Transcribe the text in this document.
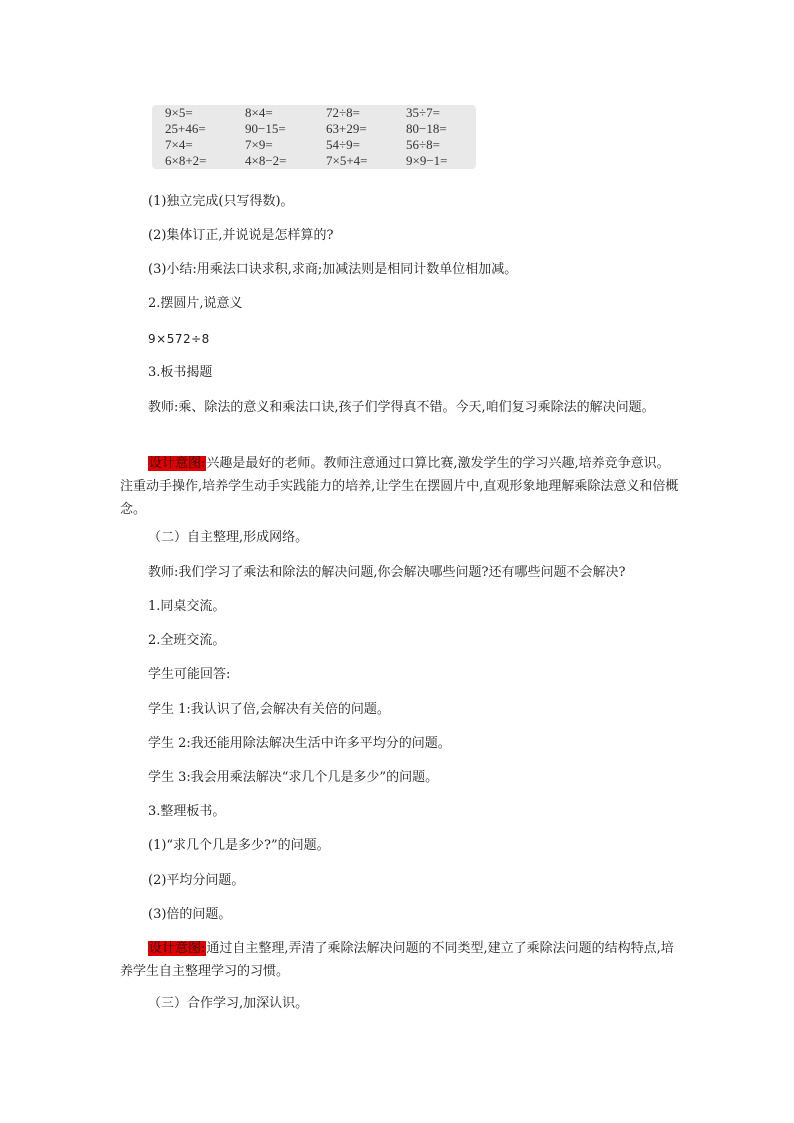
9×5=	8×4=	72÷8=	35÷7=
25+46=	90−15=	63+29=	80−18=
7×4=	7×9=	54÷9=	56÷8=
6×8+2=	4×8−2=	7×5+4=	9×9−1=
(1)独立完成(只写得数)。
(2)集体订正,并说说是怎样算的?
(3)小结:用乘法口诀求积,求商;加减法则是相同计数单位相加减。
2.摆圆片,说意义
9×572÷8
3.板书揭题
教师:乘、除法的意义和乘法口诀,孩子们学得真不错。今天,咱们复习乘除法的解决问题。
设计意图:兴趣是最好的老师。教师注意通过口算比赛,激发学生的学习兴趣,培养竞争意识。注重动手操作,培养学生动手实践能力的培养,让学生在摆圆片中,直观形象地理解乘除法意义和倍概念。
（二）自主整理,形成网络。
教师:我们学习了乘法和除法的解决问题,你会解决哪些问题?还有哪些问题不会解决?
1.同桌交流。
2.全班交流。
学生可能回答:
学生 1:我认识了倍,会解决有关倍的问题。
学生 2:我还能用除法解决生活中许多平均分的问题。
学生 3:我会用乘法解决“求几个几是多少”的问题。
3.整理板书。
(1)“求几个几是多少?”的问题。
(2)平均分问题。
(3)倍的问题。
设计意图:通过自主整理,弄清了乘除法解决问题的不同类型,建立了乘除法问题的结构特点,培养学生自主整理学习的习惯。
（三）合作学习,加深认识。
